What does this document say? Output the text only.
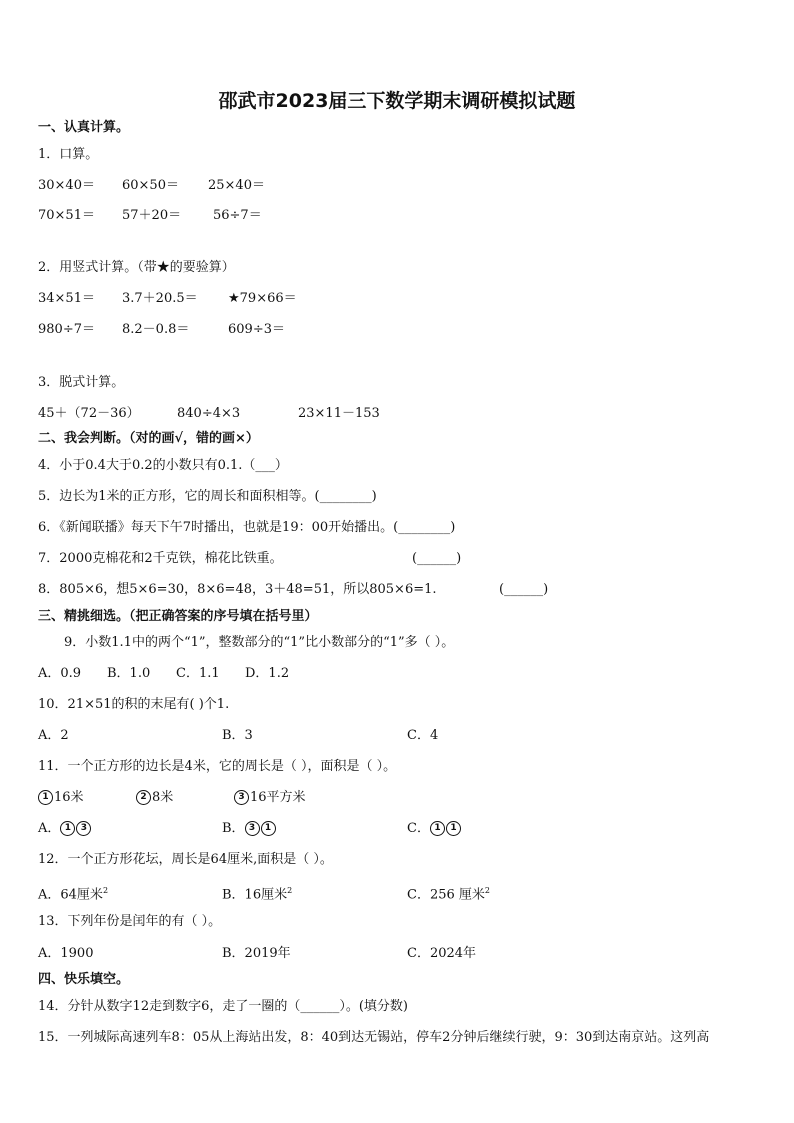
邵武市2023届三下数学期末调研模拟试题
一、认真计算。
1．口算。
30×40＝ 60×50＝ 25×40＝
70×51＝ 57＋20＝ 56÷7＝
2．用竖式计算。（带★的要验算）
34×51＝ 3.7＋20.5＝ ★79×66＝
980÷7＝ 8.2－0.8＝	609÷3＝
3．脱式计算。
45＋（72－36）	840÷4×3	23×11－153
二、我会判断。（对的画√，错的画×）
4．小于0.4大于0.2的小数只有0.1.（___）
5．边长为1米的正方形，它的周长和面积相等。(________)
6．《新闻联播》每天下午7时播出，也就是19：00开始播出。(________)
7．2000克棉花和2千克铁，棉花比铁重。	(______)
8．805×6，想5×6=30，8×6=48，3＋48=51，所以805×6=1.	(______)
三、精挑细选。（把正确答案的序号填在括号里）
9．小数1.1中的两个“1”，整数部分的“1”比小数部分的“1”多（ ）。
A．0.9 B．1.0 C．1.1 D．1.2
10．21×51的积的末尾有( )个1.
A．2	B．3	C．4
11．一个正方形的边长是4米，它的周长是（ ），面积是（ ）。
1 16米	2 8米	3 16平方米
A． 1 3	B． 3 1	C． 1 1
12．一个正方形花坛，周长是64厘米,面积是（ ）。
A．64厘米$^2$	B．16厘米$^2$	C．256 厘米$^2$
13．下列年份是闰年的有（ ）。
A．1900	B．2019年	C．2024年
四、快乐填空。
14．分针从数字12走到数字6，走了一圈的（______）。(填分数)
15．一列城际高速列车8：05从上海站出发，8：40到达无锡站，停车2分钟后继续行驶，9：30到达南京站。这列高
